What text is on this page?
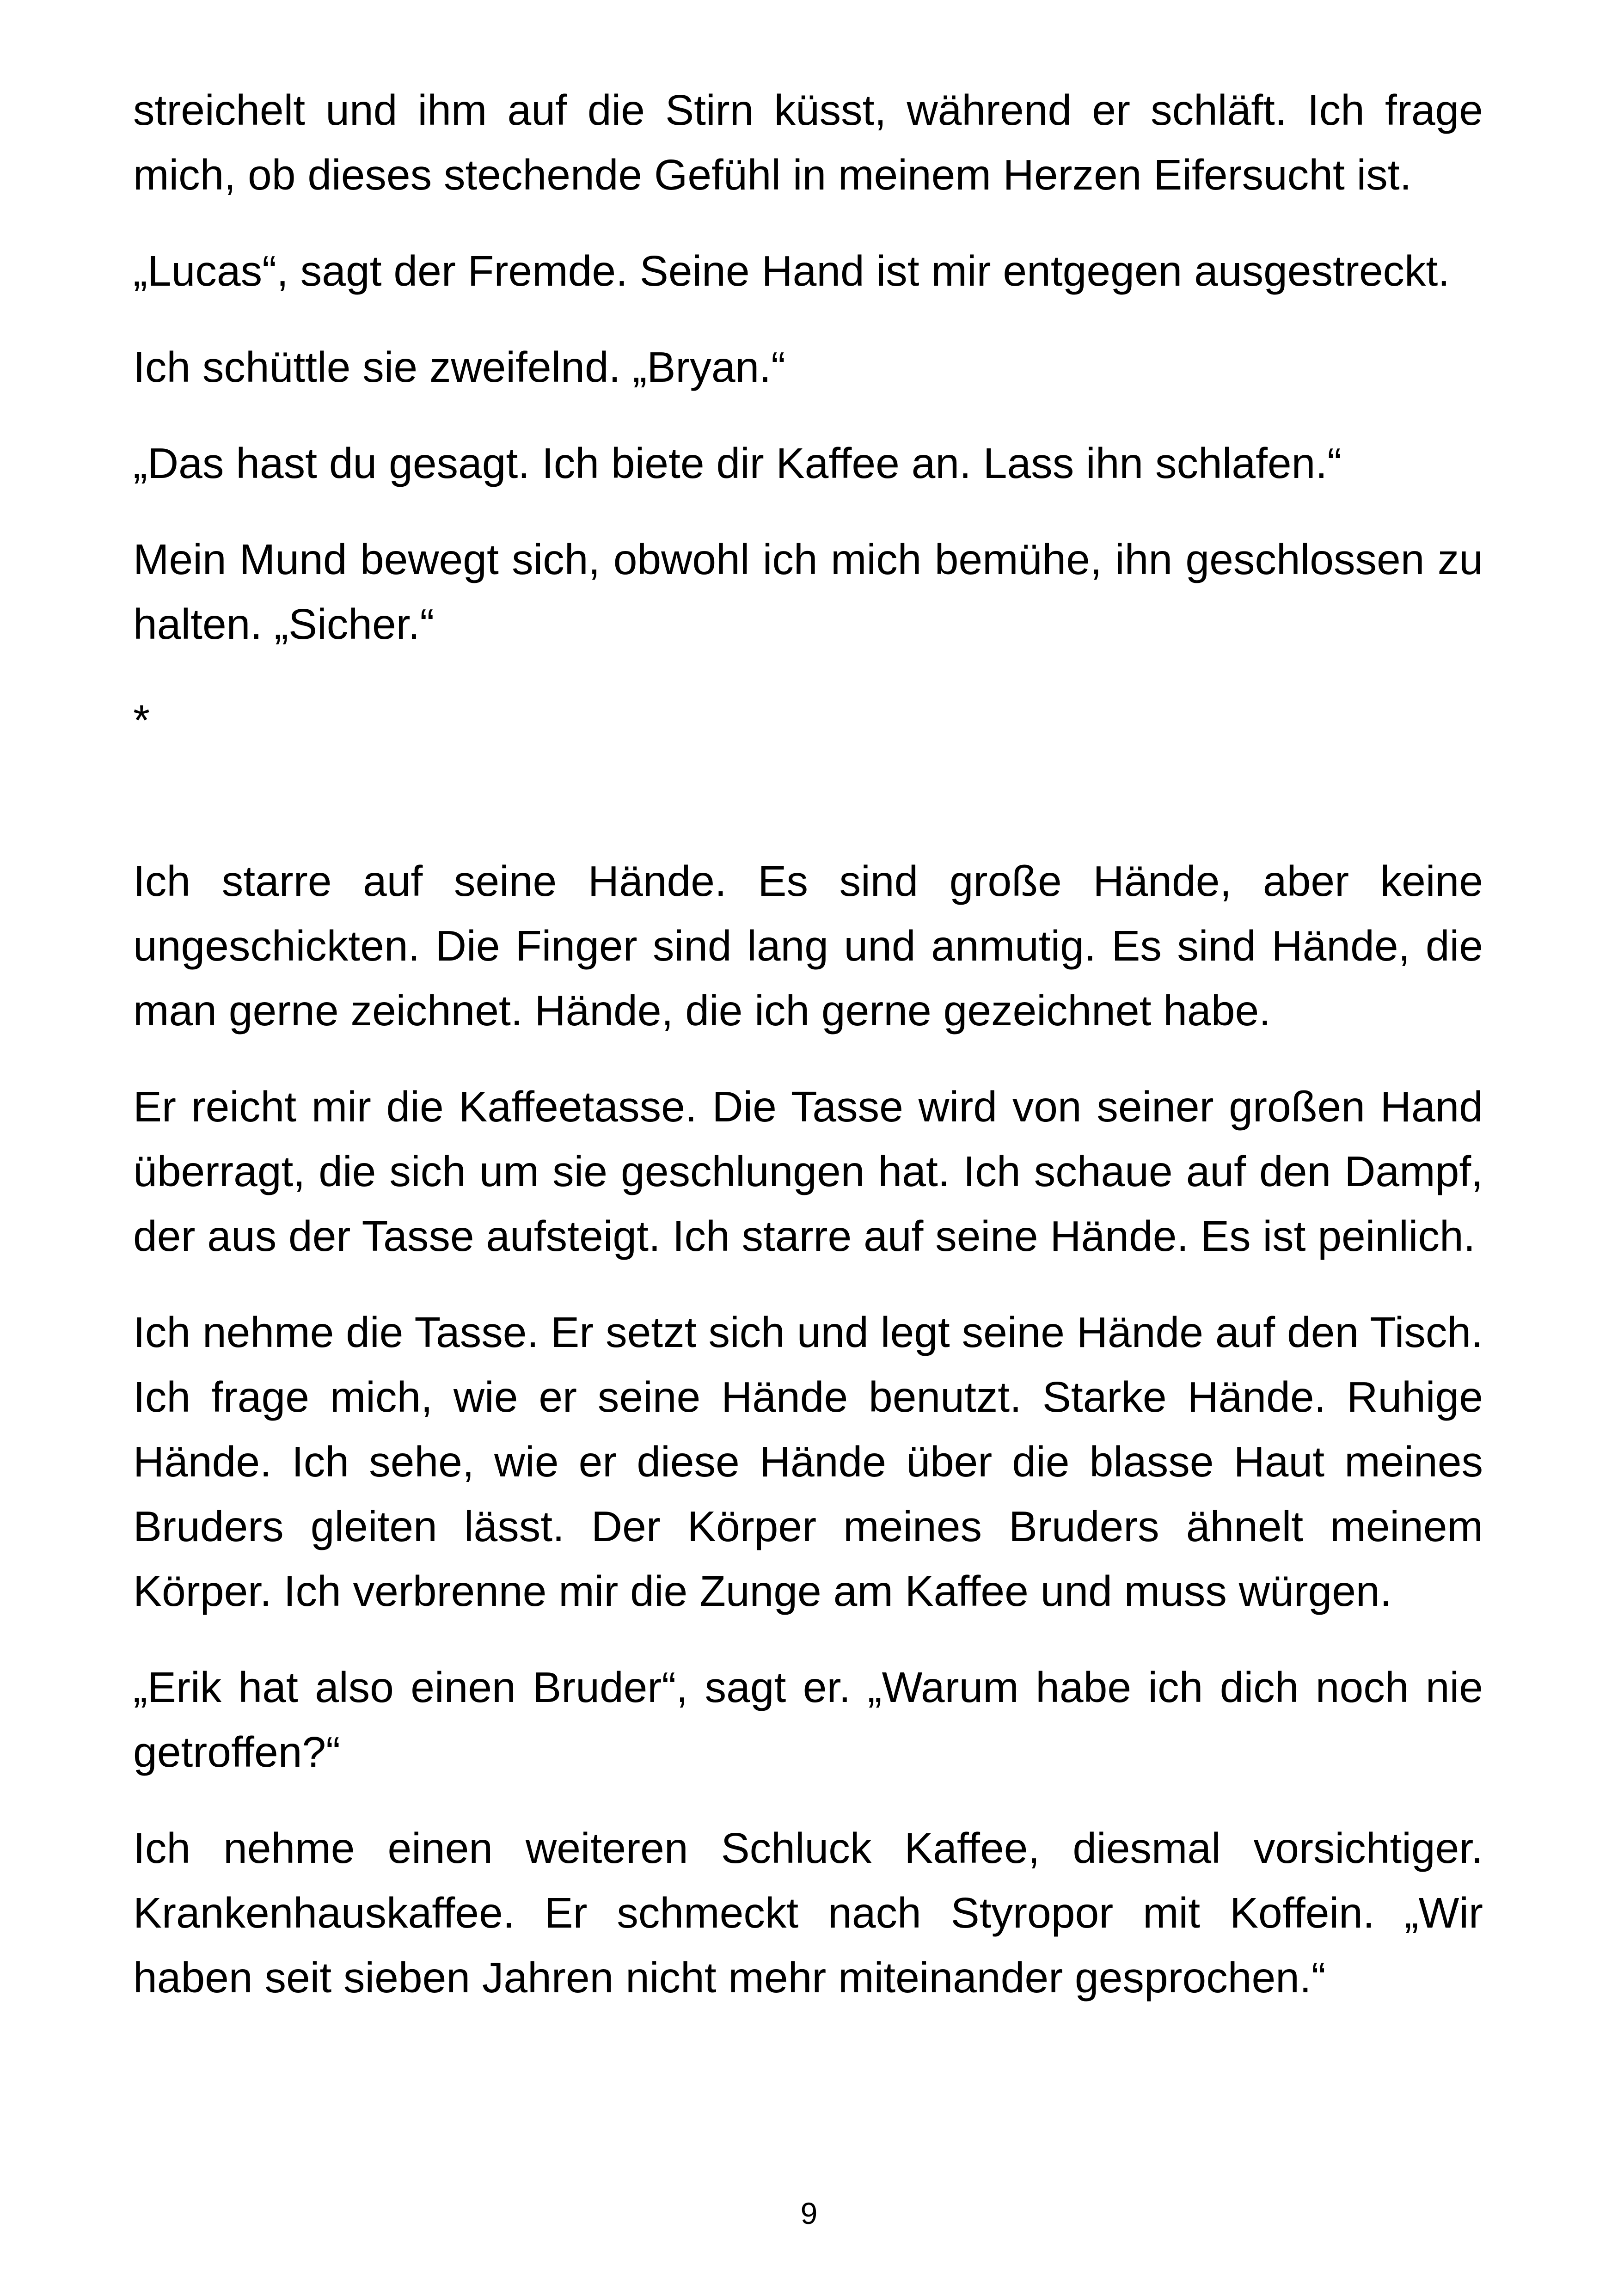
streichelt und ihm auf die Stirn küsst, während er schläft. Ich frage mich, ob dieses stechende Gefühl in meinem Herzen Eifersucht ist.

„Lucas“, sagt der Fremde. Seine Hand ist mir entgegen ausgestreckt.

Ich schüttle sie zweifelnd. „Bryan.“

„Das hast du gesagt. Ich biete dir Kaffee an. Lass ihn schlafen.“

Mein Mund bewegt sich, obwohl ich mich bemühe, ihn geschlossen zu halten. „Sicher.“

*

Ich starre auf seine Hände. Es sind große Hände, aber keine ungeschickten. Die Finger sind lang und anmutig. Es sind Hände, die man gerne zeichnet. Hände, die ich gerne gezeichnet habe.

Er reicht mir die Kaffeetasse. Die Tasse wird von seiner großen Hand überragt, die sich um sie geschlungen hat. Ich schaue auf den Dampf, der aus der Tasse aufsteigt. Ich starre auf seine Hände. Es ist peinlich.

Ich nehme die Tasse. Er setzt sich und legt seine Hände auf den Tisch. Ich frage mich, wie er seine Hände benutzt. Starke Hände. Ruhige Hände. Ich sehe, wie er diese Hände über die blasse Haut meines Bruders gleiten lässt. Der Körper meines Bruders ähnelt meinem Körper. Ich verbrenne mir die Zunge am Kaffee und muss würgen.

„Erik hat also einen Bruder“, sagt er. „Warum habe ich dich noch nie getroffen?“

Ich nehme einen weiteren Schluck Kaffee, diesmal vorsichtiger. Krankenhauskaffee. Er schmeckt nach Styropor mit Koffein. „Wir haben seit sieben Jahren nicht mehr miteinander gesprochen.“

9
